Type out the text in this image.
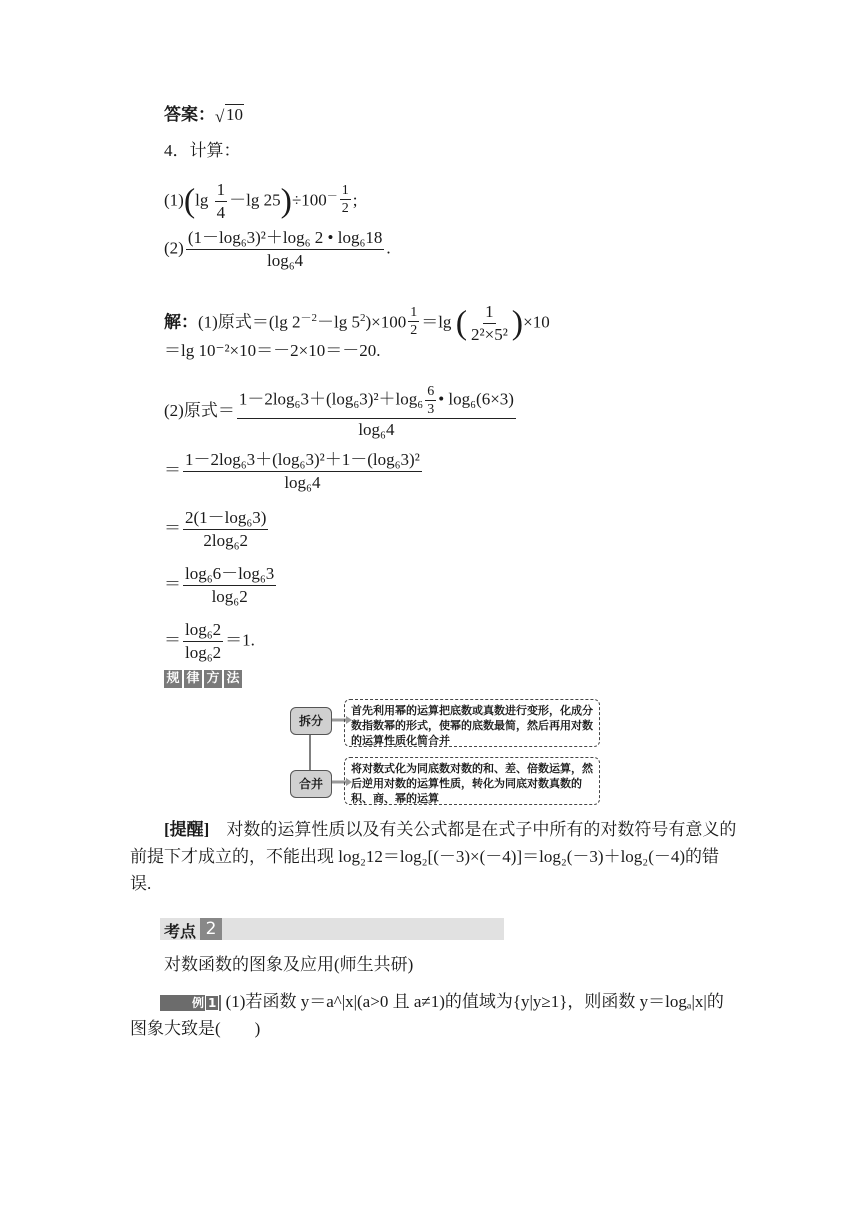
答案： √ 10
4．计算：
$(1)(\lg \frac{1}{4} -\lg$ $25)\div 100^{- \frac{1}{2}}$ ;
$(2) \frac{\text{(1－log₆3)²＋log₆ 2 • log₆18}}{\text{log₆4}}$ .
解：(1)原式＝(lg $2^{-2}-\lg$ $5^2)\times 100$ $^{\frac{1}{2}}$ ＝lg ( $\frac{1}{\text{2²×5²}} )\times 10$
＝lg 10⁻²×10＝－2×10＝－20.
(2)原式＝ $\frac{1-2\log_63+(\log_63)^2+\log_6 \frac{6}{3} • \log_6(6\times 3)}{\text{log₆4}}$
＝ $\frac{\text{1－2log₆3＋(log₆3)²＋1－(log₆3)²}}{\text{log₆4}}$
＝ $\frac{\text{2(1－log₆3)}}{\text{2log₆2}}$
＝ $\frac{\text{log₆6－log₆3}}{\text{log₆2}}$
＝ $\frac{\text{log₆2}}{\text{log₆2}} =1$.
规 律 方 法
拆分
首先利用幂的运算把底数或真数进行变形，化成分数指数幂的形式，使幂的底数最简，然后再用对数的运算性质化简合并
合并
将对数式化为同底数对数的和、差、倍数运算，然后逆用对数的运算性质，转化为同底对数真数的积、商、幂的运算
[提醒]　对数的运算性质以及有关公式都是在式子中所有的对数符号有意义的前提下才成立的，不能出现 log₂12＝log₂[(－3)×(－4)]＝log₂(－3)＋log₂(－4)的错误.
考点 2
对数函数的图象及应用(师生共研)
例 1 (1)若函数 y＝a^|x|(a>0 且 a≠1)的值域为{y|y≥1}，则函数 y＝logₐ|x|的图象大致是(　　)
